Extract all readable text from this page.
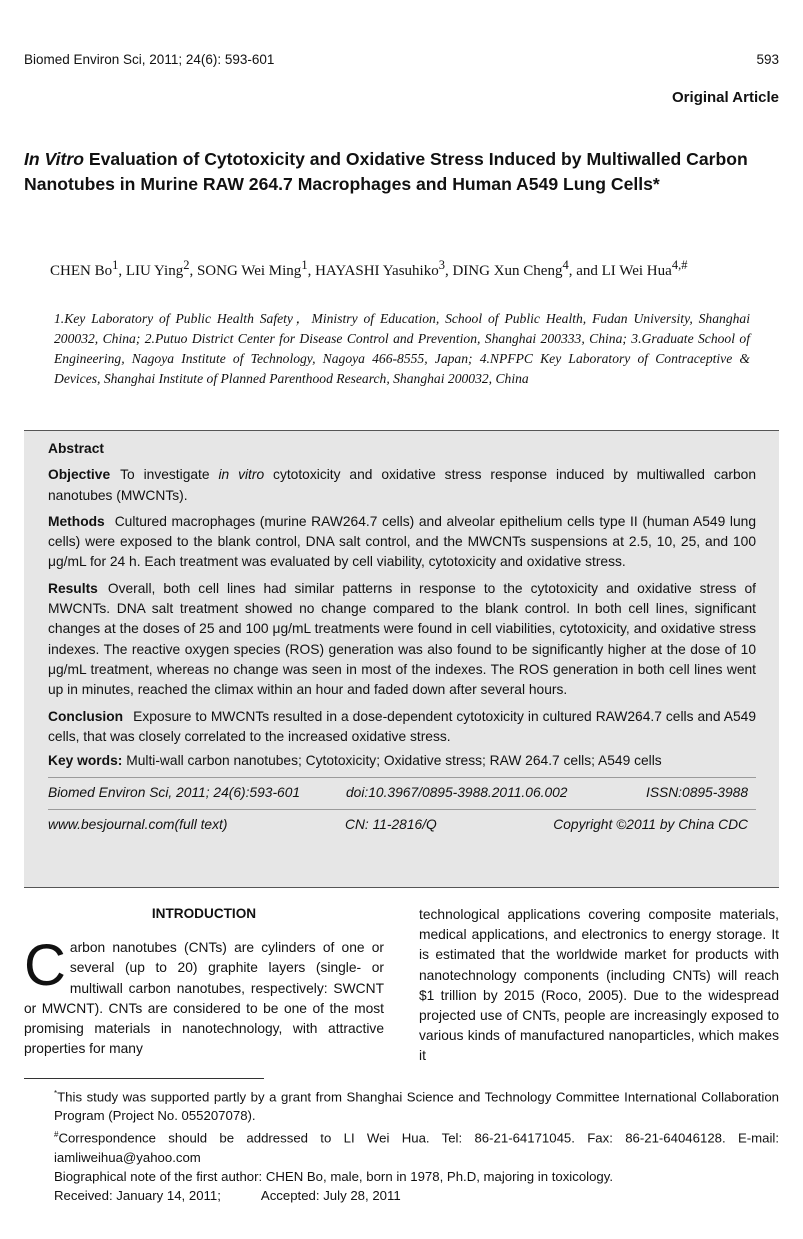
Biomed Environ Sci, 2011; 24(6): 593-601	593
Original Article
In Vitro Evaluation of Cytotoxicity and Oxidative Stress Induced by Multiwalled Carbon Nanotubes in Murine RAW 264.7 Macrophages and Human A549 Lung Cells*
CHEN Bo$^1$, LIU Ying$^2$, SONG Wei Ming$^1$, HAYASHI Yasuhiko$^3$, DING Xun Cheng$^4$, and LI Wei Hua$^{4,\#}$
1.Key Laboratory of Public Health Safety，Ministry of Education, School of Public Health, Fudan University, Shanghai 200032, China; 2.Putuo District Center for Disease Control and Prevention, Shanghai 200333, China; 3.Graduate School of Engineering, Nagoya Institute of Technology, Nagoya 466-8555, Japan; 4.NPFPC Key Laboratory of Contraceptive & Devices, Shanghai Institute of Planned Parenthood Research, Shanghai 200032, China
Abstract

Objective To investigate in vitro cytotoxicity and oxidative stress response induced by multiwalled carbon nanotubes (MWCNTs).

Methods Cultured macrophages (murine RAW264.7 cells) and alveolar epithelium cells type II (human A549 lung cells) were exposed to the blank control, DNA salt control, and the MWCNTs suspensions at 2.5, 10, 25, and 100 μg/mL for 24 h. Each treatment was evaluated by cell viability, cytotoxicity and oxidative stress.

Results Overall, both cell lines had similar patterns in response to the cytotoxicity and oxidative stress of MWCNTs. DNA salt treatment showed no change compared to the blank control. In both cell lines, significant changes at the doses of 25 and 100 μg/mL treatments were found in cell viabilities, cytotoxicity, and oxidative stress indexes. The reactive oxygen species (ROS) generation was also found to be significantly higher at the dose of 10 μg/mL treatment, whereas no change was seen in most of the indexes. The ROS generation in both cell lines went up in minutes, reached the climax within an hour and faded down after several hours.

Conclusion Exposure to MWCNTs resulted in a dose-dependent cytotoxicity in cultured RAW264.7 cells and A549 cells, that was closely correlated to the increased oxidative stress.

Key words: Multi-wall carbon nanotubes; Cytotoxicity; Oxidative stress; RAW 264.7 cells; A549 cells

Biomed Environ Sci, 2011; 24(6):593-601	doi:10.3967/0895-3988.2011.06.002	ISSN:0895-3988
www.besjournal.com(full text)	CN: 11-2816/Q	Copyright ©2011 by China CDC
INTRODUCTION

Carbon nanotubes (CNTs) are cylinders of one or several (up to 20) graphite layers (single- or multiwall carbon nanotubes, respectively: SWCNT or MWCNT). CNTs are considered to be one of the most promising materials in nanotechnology, with attractive properties for many

technological applications covering composite materials, medical applications, and electronics to energy storage. It is estimated that the worldwide market for products with nanotechnology components (including CNTs) will reach $1 trillion by 2015 (Roco, 2005). Due to the widespread projected use of CNTs, people are increasingly exposed to various kinds of manufactured nanoparticles, which makes it

*This study was supported partly by a grant from Shanghai Science and Technology Committee International Collaboration Program (Project No. 055207078).

#Correspondence should be addressed to LI Wei Hua. Tel: 86-21-64171045. Fax: 86-21-64046128. E-mail: iamliweihua@yahoo.com

Biographical note of the first author: CHEN Bo, male, born in 1978, Ph.D, majoring in toxicology.

Received: January 14, 2011;	Accepted: July 28, 2011
